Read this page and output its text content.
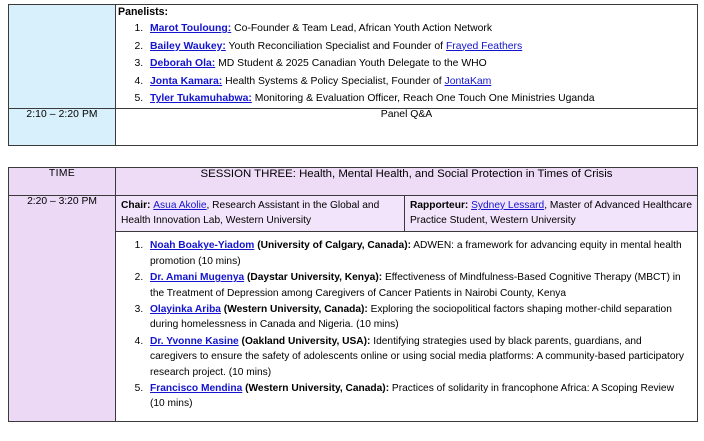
Panelists:
1. Marot Touloung: Co-Founder & Team Lead, African Youth Action Network
2. Bailey Waukey: Youth Reconciliation Specialist and Founder of Frayed Feathers
3. Deborah Ola: MD Student & 2025 Canadian Youth Delegate to the WHO
4. Jonta Kamara: Health Systems & Policy Specialist, Founder of JontaKam
5. Tyler Tukamuhabwa: Monitoring & Evaluation Officer, Reach One Touch One Ministries Uganda

2:10 – 2:20 PM	Panel Q&A
TIME	SESSION THREE: Health, Mental Health, and Social Protection in Times of Crisis
2:20 – 3:20 PM	Chair: Asua Akolie, Research Assistant in the Global and Health Innovation Lab, Western University	Rapporteur: Sydney Lessard, Master of Advanced Healthcare Practice Student, Western University
1. Noah Boakye-Yiadom (University of Calgary, Canada): ADWEN: a framework for advancing equity in mental health promotion (10 mins)
2. Dr. Amani Mugenya (Daystar University, Kenya): Effectiveness of Mindfulness-Based Cognitive Therapy (MBCT) in the Treatment of Depression among Caregivers of Cancer Patients in Nairobi County, Kenya
3. Olayinka Ariba (Western University, Canada): Exploring the sociopolitical factors shaping mother-child separation during homelessness in Canada and Nigeria. (10 mins)
4. Dr. Yvonne Kasine (Oakland University, USA): Identifying strategies used by black parents, guardians, and caregivers to ensure the safety of adolescents online or using social media platforms: A community-based participatory research project. (10 mins)
5. Francisco Mendina (Western University, Canada): Practices of solidarity in francophone Africa: A Scoping Review (10 mins)
